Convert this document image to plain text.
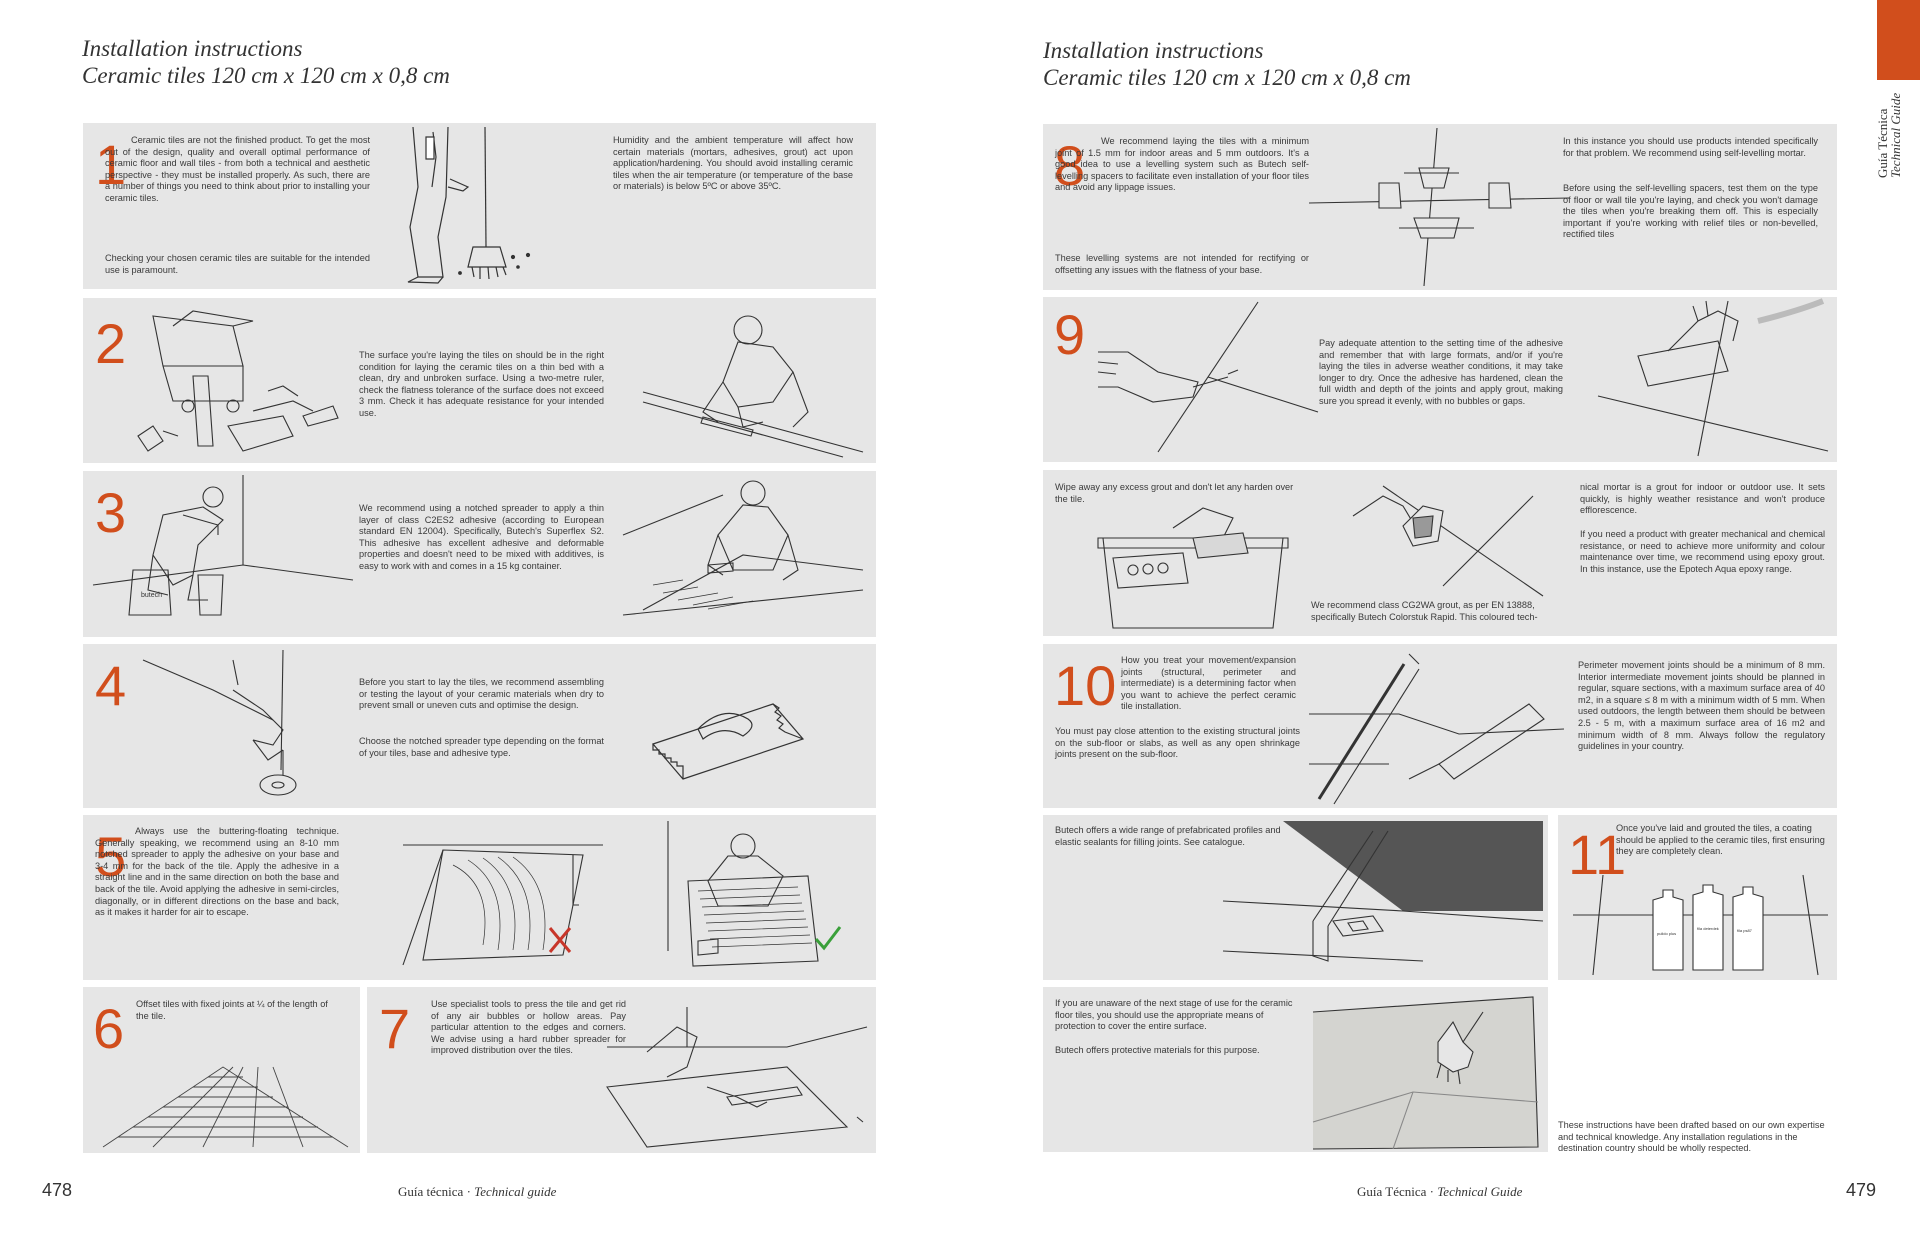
Installation instructions
Ceramic tiles 120 cm x 120 cm x 0,8 cm
1 Ceramic tiles are not the finished product. To get the most out of the design, quality and overall optimal performance of ceramic floor and wall tiles - from both a technical and aesthetic perspective - they must be installed properly. As such, there are a number of things you need to think about prior to installing your ceramic tiles.
Checking your chosen ceramic tiles are suitable for the intended use is paramount.
Humidity and the ambient temperature will affect how certain materials (mortars, adhesives, grout) act upon application/hardening. You should avoid installing ceramic tiles when the air temperature (or temperature of the base or materials) is below 5ºC or above 35ºC.
2	The surface you're laying the tiles on should be in the right condition for laying the ceramic tiles on a thin bed with a clean, dry and unbroken surface. Using a two-metre ruler, check the flatness tolerance of the surface does not exceed 3 mm. Check it has adequate resistance for your intended use.
3
butech
We recommend using a notched spreader to apply a thin layer of class C2ES2 adhesive (according to European standard EN 12004). Specifically, Butech's Superflex S2. This adhesive has excellent adhesive and deformable properties and doesn't need to be mixed with additives, is easy to work with and comes in a 15 kg container.
4	Before you start to lay the tiles, we recommend assembling or testing the layout of your ceramic materials when dry to prevent small or uneven cuts and optimise the design.
Choose the notched spreader type depending on the format of your tiles, base and adhesive type.
5 Always use the buttering-floating technique. Generally speaking, we recommend using an 8-10 mm notched spreader to apply the adhesive on your base and 3-4 mm for the back of the tile. Apply the adhesive in a straight line and in the same direction on both the base and back of the tile. Avoid applying the adhesive in semi-circles, diagonally, or in different directions on the base and back, as it makes it harder for air to escape.
6 Offset tiles with fixed joints at ¼ of the length of the tile.	7 Use specialist tools to press the tile and get rid of any air bubbles or hollow areas. Pay particular attention to the edges and corners. We advise using a hard rubber spreader for improved distribution over the tiles.
478	Guía técnica · Technical guide
Guía Técnica
Technical Guide
Installation instructions
Ceramic tiles 120 cm x 120 cm x 0,8 cm
8	We recommend laying the tiles with a minimum joint of 1.5 mm for indoor areas and 5 mm outdoors. It's a good idea to use a levelling system such as Butech self-levelling spacers to facilitate even installation of your floor tiles and avoid any lippage issues.
These levelling systems are not intended for rectifying or offsetting any issues with the flatness of your base.
In this instance you should use products intended specifically for that problem. We recommend using self-levelling mortar.
Before using the self-levelling spacers, test them on the type of floor or wall tile you're laying, and check you won't damage the tiles when you're breaking them off. This is especially important if you're working with relief tiles or non-bevelled, rectified tiles
9	Pay adequate attention to the setting time of the adhesive and remember that with large formats, and/or if you're laying the tiles in adverse weather conditions, it may take longer to dry. Once the adhesive has hardened, clean the full width and depth of the joints and apply grout, making sure you spread it evenly, with no bubbles or gaps.
Wipe away any excess grout and don't let any harden over the tile.
We recommend class CG2WA grout, as per EN 13888, specifically Butech Colorstuk Rapid. This coloured tech-
nical mortar is a grout for indoor or outdoor use. It sets quickly, is highly weather resistance and won't produce efflorescence.
If you need a product with greater mechanical and chemical resistance, or need to achieve more uniformity and colour maintenance over time, we recommend using epoxy grout. In this instance, use the Epotech Aqua epoxy range.
10 How you treat your movement/expansion joints (structural, perimeter and intermediate) is a determining factor when you want to achieve the perfect ceramic tile installation.
You must pay close attention to the existing structural joints on the sub-floor or slabs, as well as any open shrinkage joints present on the sub-floor.
Perimeter movement joints should be a minimum of 8 mm. Interior intermediate movement joints should be planned in regular, square sections, with a maximum surface area of 40 m2, in a square ≤ 8 m with a minimum width of 5 mm. When used outdoors, the length between them should be between 2.5 - 5 m, with a maximum surface area of 16 m2 and minimum width of 8 mm. Always follow the regulatory guidelines in your country.
Butech offers a wide range of prefabricated profiles and elastic sealants for filling joints. See catalogue.	11
Once you've laid and grouted the tiles, a coating should be applied to the ceramic tiles, first ensuring they are completely clean.
pulido plus
fila deterdek	fila ps87
If you are unaware of the next stage of use for the ceramic floor tiles, you should use the appropriate means of protection to cover the entire surface.
Butech offers protective materials for this purpose.
These instructions have been drafted based on our own expertise and technical knowledge. Any installation regulations in the destination country should be wholly respected.
Guía Técnica · Technical Guide	479
